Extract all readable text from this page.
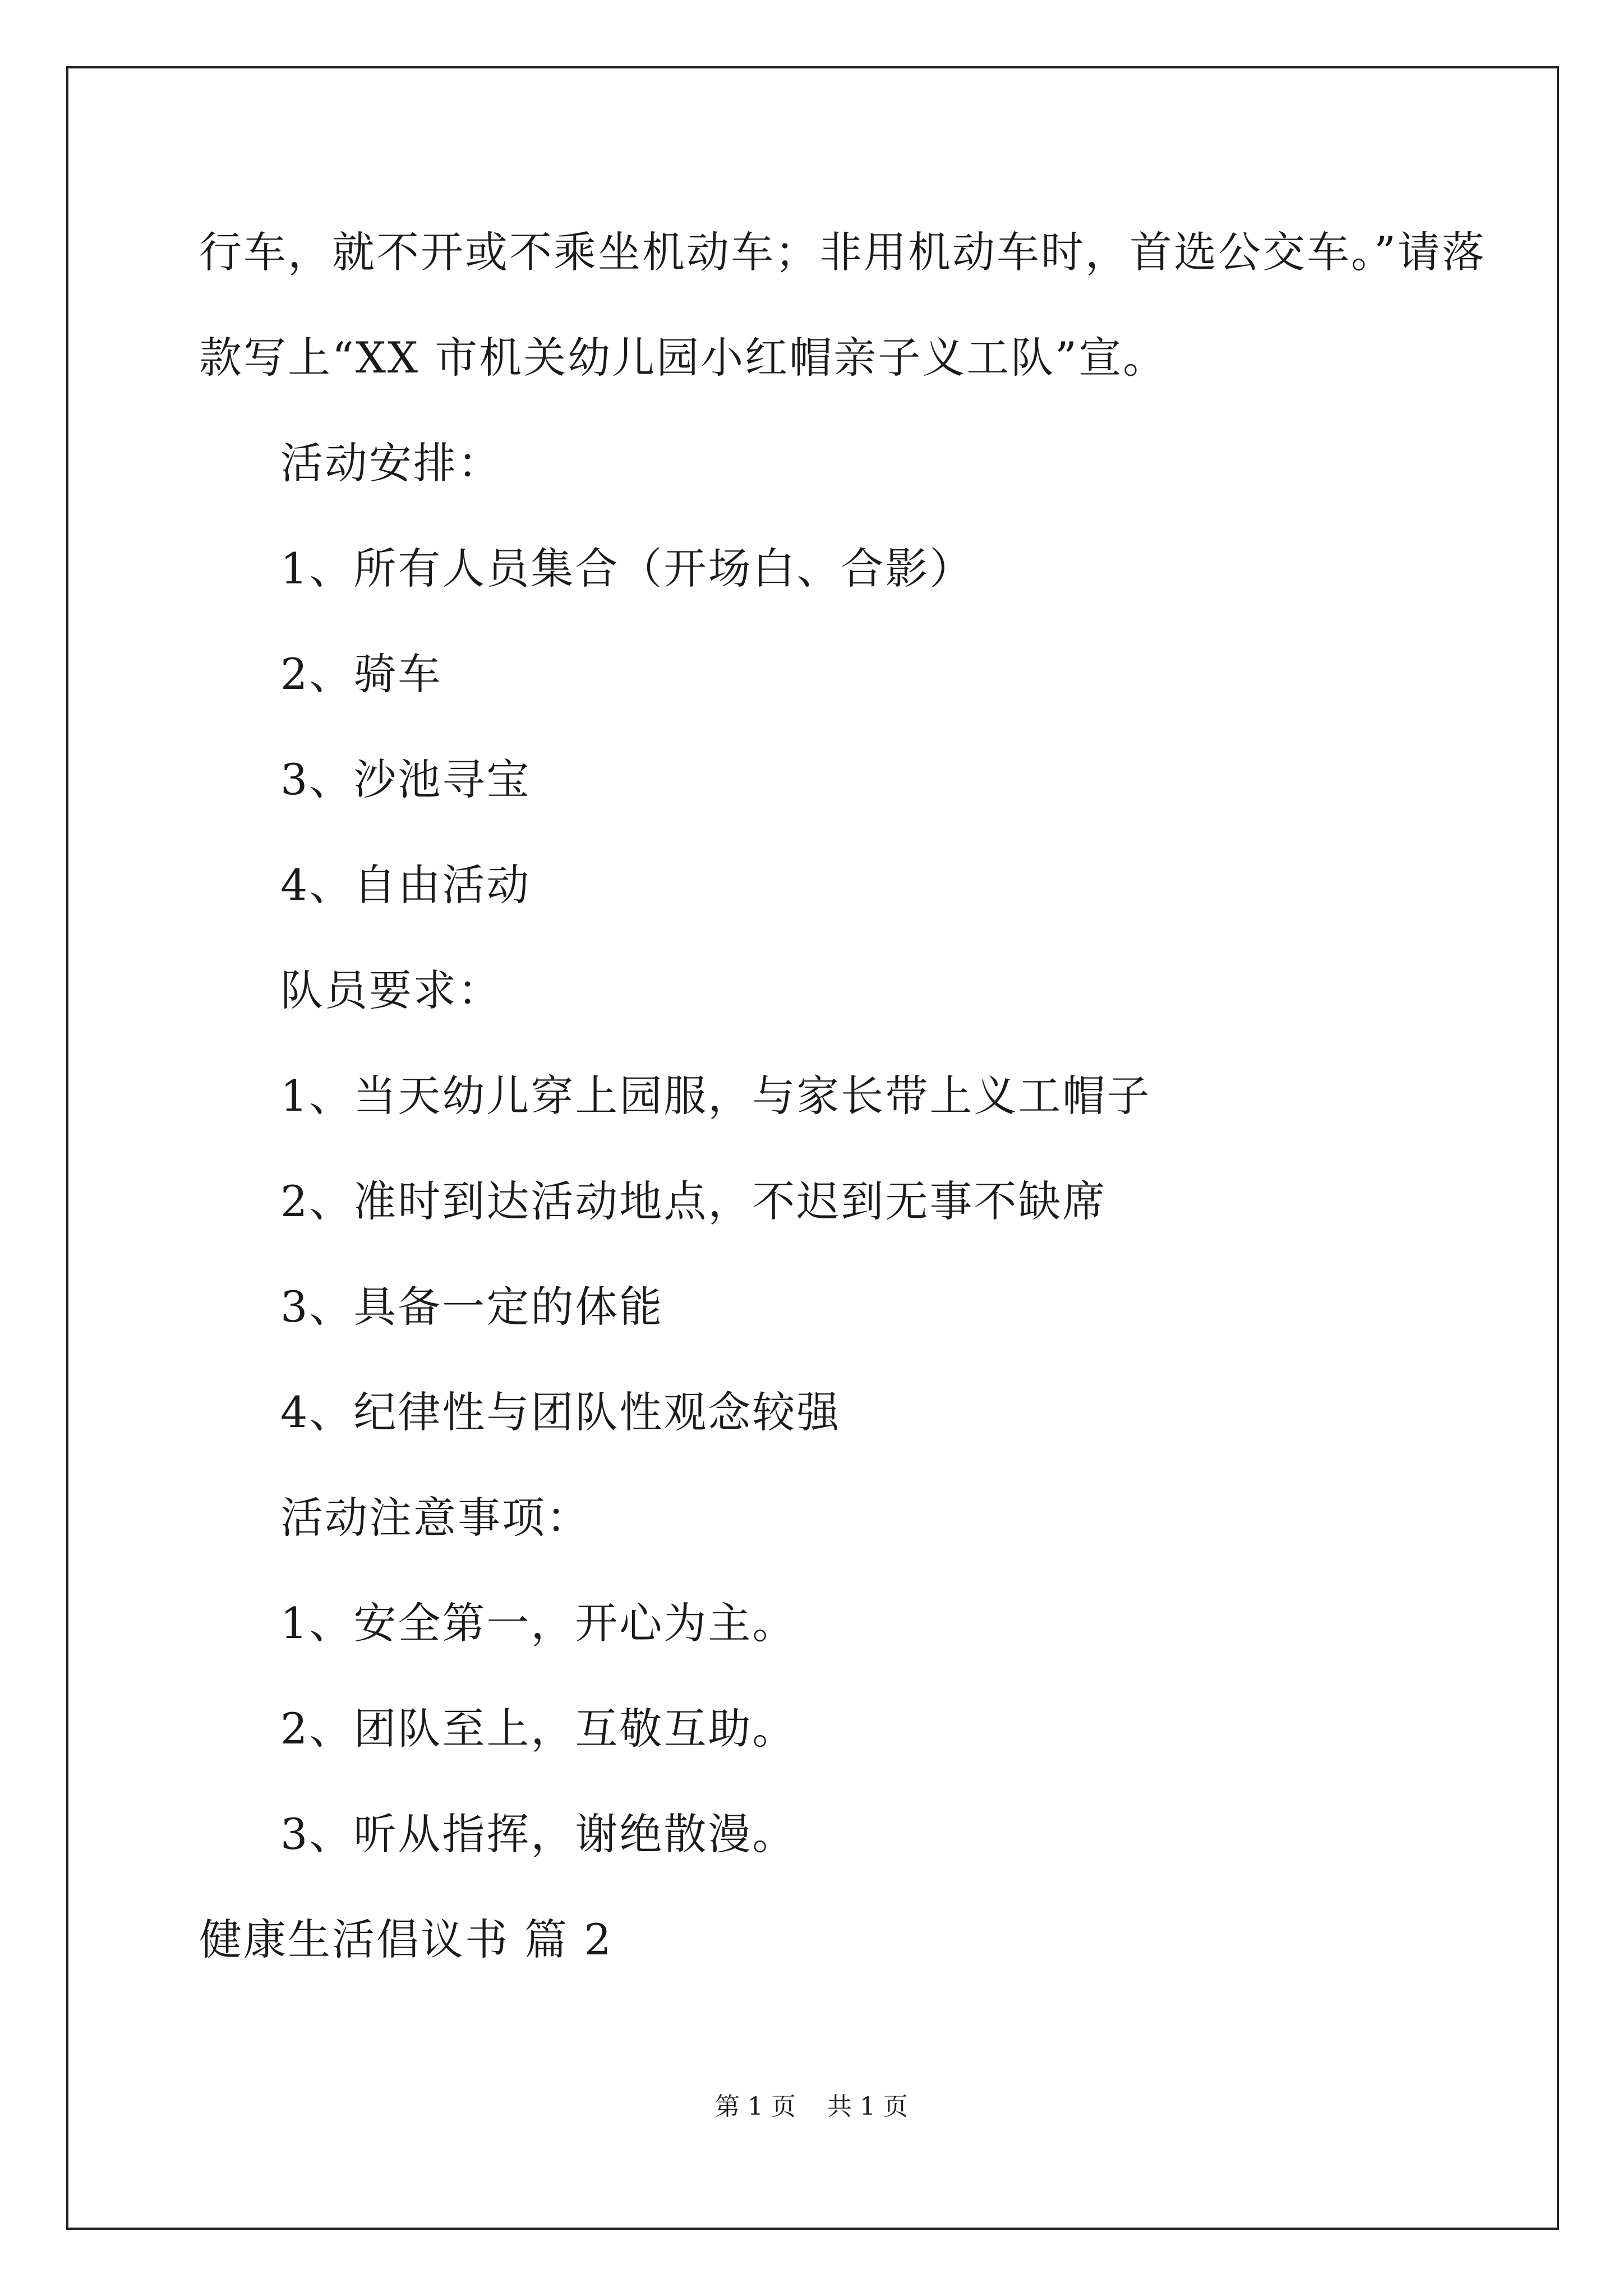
行车，就不开或不乘坐机动车；非用机动车时，首选公交车。”请落
款写上“XX 市机关幼儿园小红帽亲子义工队”宣。
活动安排：
1、所有人员集合（开场白、合影）
2、骑车
3、沙池寻宝
4、自由活动
队员要求：
1、当天幼儿穿上园服，与家长带上义工帽子
2、准时到达活动地点，不迟到无事不缺席
3、具备一定的体能
4、纪律性与团队性观念较强
活动注意事项：
1、安全第一，开心为主。
2、团队至上，互敬互助。
3、听从指挥，谢绝散漫。
健康生活倡议书 篇 2
第 1 页    共 1 页
